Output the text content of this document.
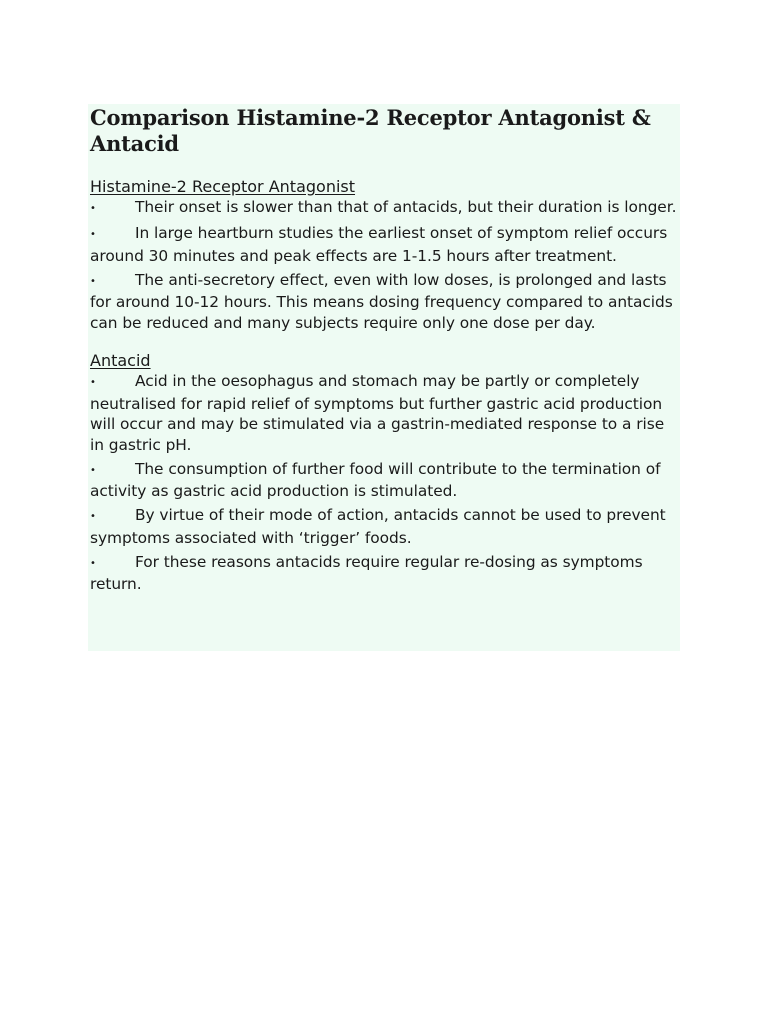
Comparison Histamine-2 Receptor Antagonist & Antacid
Histamine-2 Receptor Antagonist
•	Their onset is slower than that of antacids, but their duration is longer.
•	In large heartburn studies the earliest onset of symptom relief occurs around 30 minutes and peak effects are 1-1.5 hours after treatment.
•	The anti-secretory effect, even with low doses, is prolonged and lasts for around 10-12 hours. This means dosing frequency compared to antacids can be reduced and many subjects require only one dose per day.
Antacid
•	Acid in the oesophagus and stomach may be partly or completely neutralised for rapid relief of symptoms but further gastric acid production will occur and may be stimulated via a gastrin-mediated response to a rise in gastric pH.
•	The consumption of further food will contribute to the termination of activity as gastric acid production is stimulated.
•	By virtue of their mode of action, antacids cannot be used to prevent symptoms associated with ‘trigger’ foods.
•	For these reasons antacids require regular re-dosing as symptoms return.
